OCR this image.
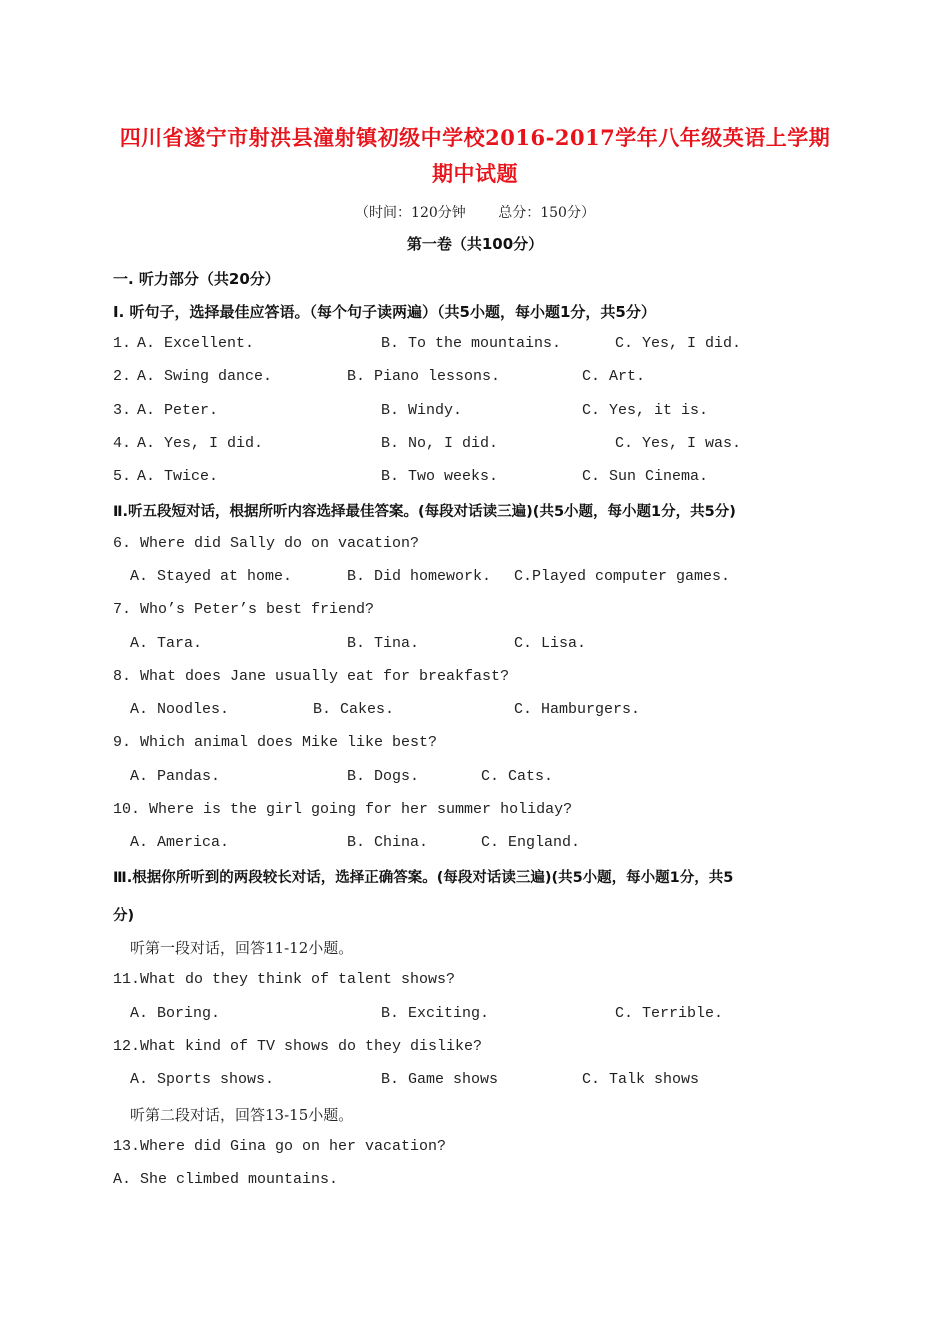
四川省遂宁市射洪县潼射镇初级中学校2016-2017学年八年级英语上学期
期中试题
（时间：120分钟 总分：150分）
第一卷（共100分）
一. 听力部分（共20分）
Ⅰ. 听句子，选择最佳应答语。（每个句子读两遍）（共5小题，每小题1分，共5分）
1. A. Excellent.	B. To the mountains.	C. Yes, I did.
2. A. Swing dance.	B. Piano lessons.	C. Art.
3. A. Peter.	B. Windy.	C. Yes, it is.
4. A. Yes, I did.	B. No, I did.	C. Yes, I was.
5. A. Twice.	B. Two weeks.	C. Sun Cinema.
Ⅱ.听五段短对话，根据所听内容选择最佳答案。(每段对话读三遍)(共5小题，每小题1分，共5分)
6. Where did Sally do on vacation?
A. Stayed at home.	B. Did homework. C.Played computer games.
7. Who’s Peter’s best friend?
A. Tara.	B. Tina.	C. Lisa.
8. What does Jane usually eat for breakfast?
A. Noodles.	B. Cakes.	C. Hamburgers.
9. Which animal does Mike like best?
A. Pandas.	B. Dogs.	C. Cats.
10. Where is the girl going for her summer holiday?
A. America.	B. China.	C. England.
Ⅲ.根据你所听到的两段较长对话，选择正确答案。(每段对话读三遍)(共5小题，每小题1分，共5
分)
听第一段对话，回答11-12小题。
11.What do they think of talent shows?
A. Boring.	B. Exciting.	C. Terrible.
12.What kind of TV shows do they dislike?
A. Sports shows.	B. Game shows	C. Talk shows
听第二段对话，回答13-15小题。
13.Where did Gina go on her vacation?
A. She climbed mountains.
